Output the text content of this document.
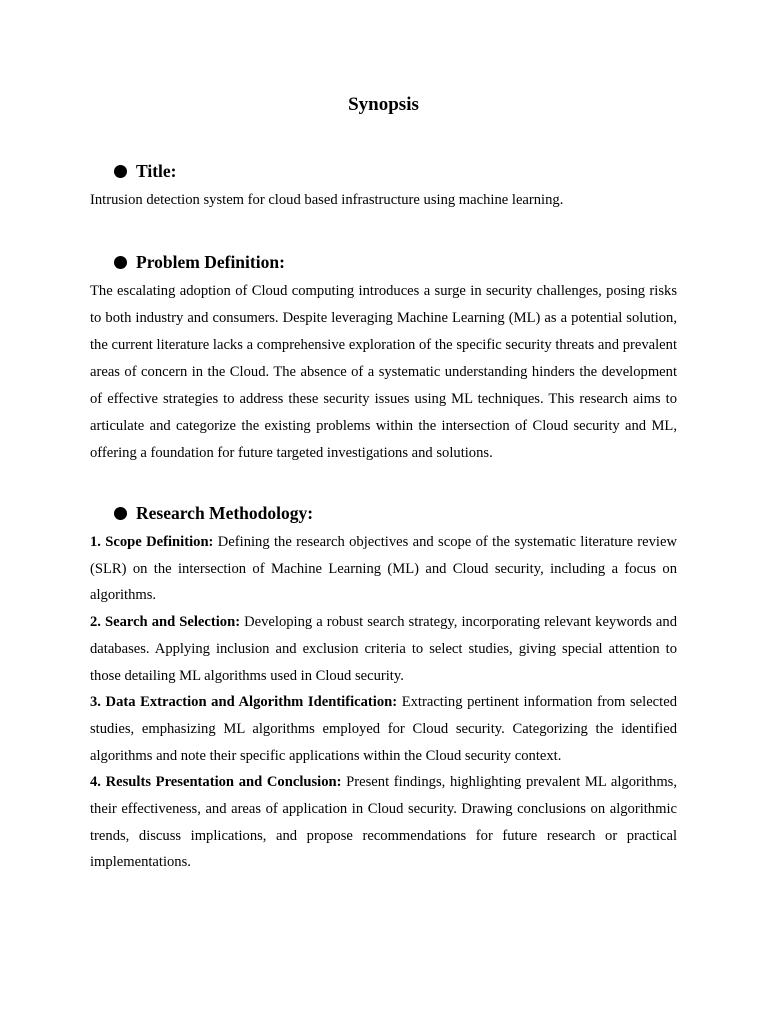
Synopsis
Title:

Intrusion detection system for cloud based infrastructure using machine learning.

Problem Definition:

The escalating adoption of Cloud computing introduces a surge in security challenges, posing risks to both industry and consumers. Despite leveraging Machine Learning (ML) as a potential solution, the current literature lacks a comprehensive exploration of the specific security threats and prevalent areas of concern in the Cloud. The absence of a systematic understanding hinders the development of effective strategies to address these security issues using ML techniques. This research aims to articulate and categorize the existing problems within the intersection of Cloud security and ML, offering a foundation for future targeted investigations and solutions.

Research Methodology:

1. Scope Definition: Defining the research objectives and scope of the systematic literature review (SLR) on the intersection of Machine Learning (ML) and Cloud security, including a focus on algorithms.

2. Search and Selection: Developing a robust search strategy, incorporating relevant keywords and databases. Applying inclusion and exclusion criteria to select studies, giving special attention to those detailing ML algorithms used in Cloud security.

3. Data Extraction and Algorithm Identification: Extracting pertinent information from selected studies, emphasizing ML algorithms employed for Cloud security. Categorizing the identified algorithms and note their specific applications within the Cloud security context.

4. Results Presentation and Conclusion: Present findings, highlighting prevalent ML algorithms, their effectiveness, and areas of application in Cloud security. Drawing conclusions on algorithmic trends, discuss implications, and propose recommendations for future research or practical implementations.
